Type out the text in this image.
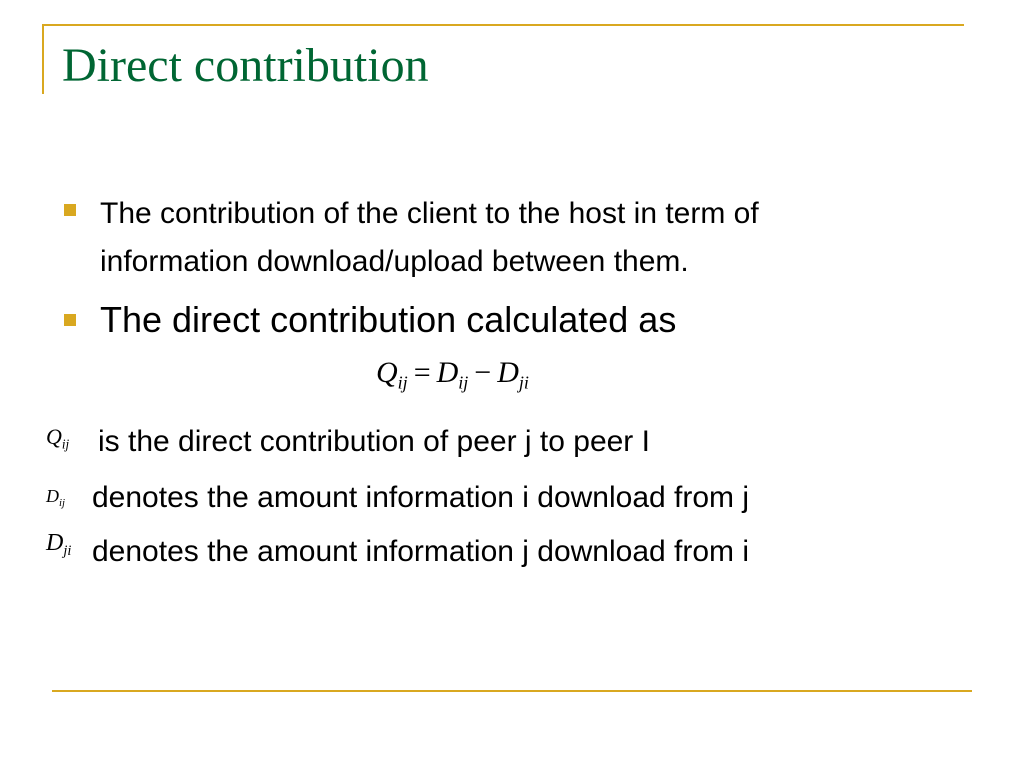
Direct contribution
The contribution of the client to the host in term of
information download/upload between them.
The direct contribution calculated as
$Q_{ij} = D_{ij} - D_{ji}$
$Q_{ij}$ is the direct contribution of peer j to peer I
$D_{ij}$ denotes the amount information i download from j
$D_{ji}$ denotes the amount information j download from i
